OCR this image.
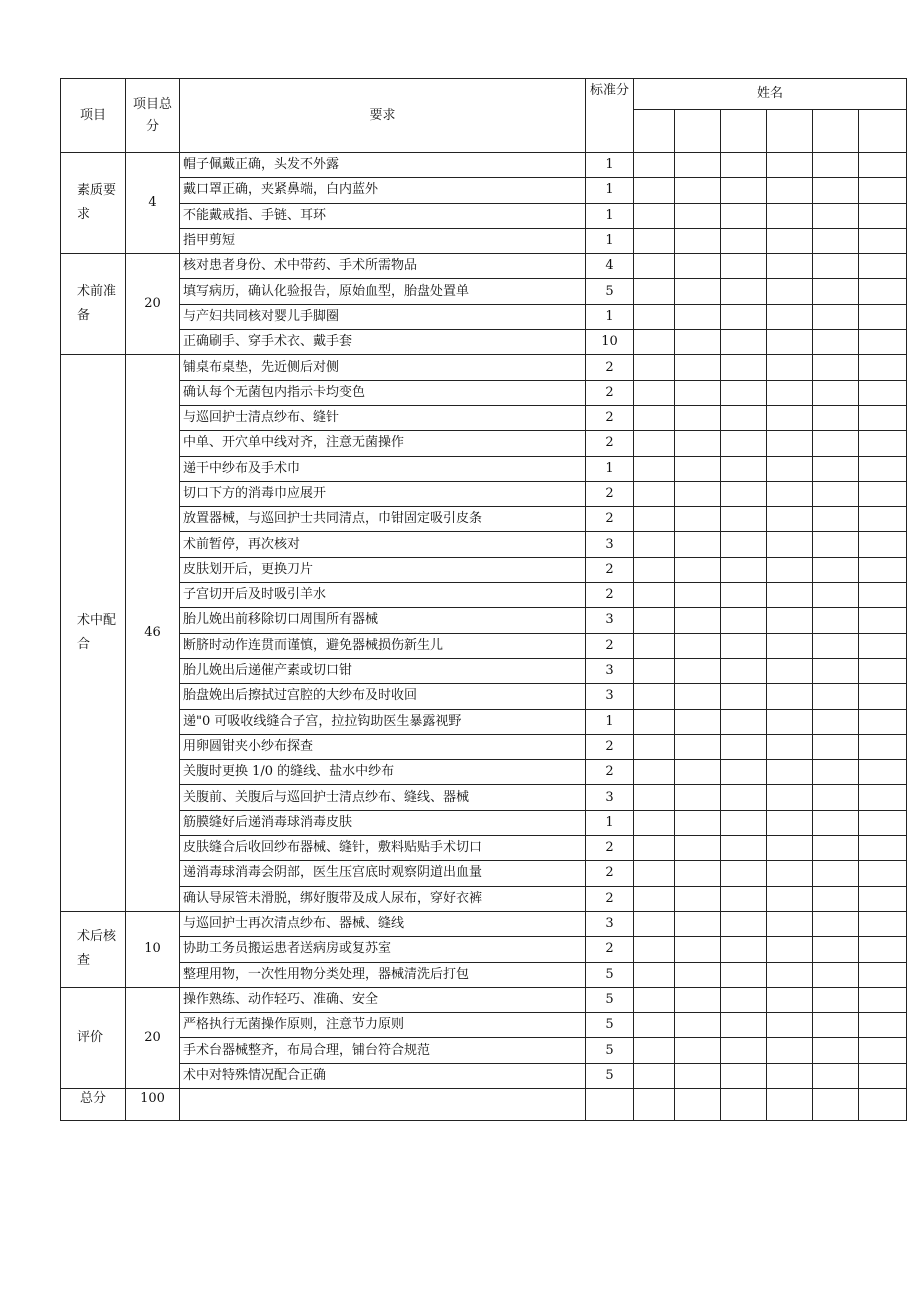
项目	项目总分	要求	标准分	姓名					

素质要求	4	帽子佩戴正确，头发不外露	1						
		戴口罩正确，夹紧鼻端，白内蓝外	1						
		不能戴戒指、手链、耳环	1						
		指甲剪短	1						
术前准备	20	核对患者身份、术中带药、手术所需物品	4						
		填写病历，确认化验报告，原始血型，胎盘处置单	5						
		与产妇共同核对婴儿手脚圈	1						
		正确刷手、穿手术衣、戴手套	10						
术中配合	46	铺桌布桌垫，先近侧后对侧	2						
		确认每个无菌包内指示卡均变色	2						
		与巡回护士清点纱布、缝针	2						
		中单、开穴单中线对齐，注意无菌操作	2						
		递干中纱布及手术巾	1						
		切口下方的消毒巾应展开	2						
		放置器械，与巡回护士共同清点，巾钳固定吸引皮条	2						
		术前暂停，再次核对	3						
		皮肤划开后，更换刀片	2						
		子宫切开后及时吸引羊水	2						
		胎儿娩出前移除切口周围所有器械	3						
		断脐时动作连贯而谨慎，避免器械损伤新生儿	2						
		胎儿娩出后递催产素或切口钳	3						
		胎盘娩出后擦拭过宫腔的大纱布及时收回	3						
		递"0 可吸收线缝合子宫，拉拉钩助医生暴露视野	1						
		用卵圆钳夹小纱布探查	2						
		关腹时更换 1/0 的缝线、盐水中纱布	2						
		关腹前、关腹后与巡回护士清点纱布、缝线、器械	3						
		筋膜缝好后递消毒球消毒皮肤	1						
		皮肤缝合后收回纱布器械、缝针，敷料贴贴手术切口	2						
		递消毒球消毒会阴部，医生压宫底时观察阴道出血量	2						
		确认导尿管未滑脱，绑好腹带及成人尿布，穿好衣裤	2						
术后核查	10	与巡回护士再次清点纱布、器械、缝线	3						
		协助工务员搬运患者送病房或复苏室	2						
		整理用物，一次性用物分类处理，器械清洗后打包	5						
评价	20	操作熟练、动作轻巧、准确、安全	5						
		严格执行无菌操作原则，注意节力原则	5						
		手术台器械整齐，布局合理，铺台符合规范	5						
		术中对特殊情况配合正确	5						
总分	100								
